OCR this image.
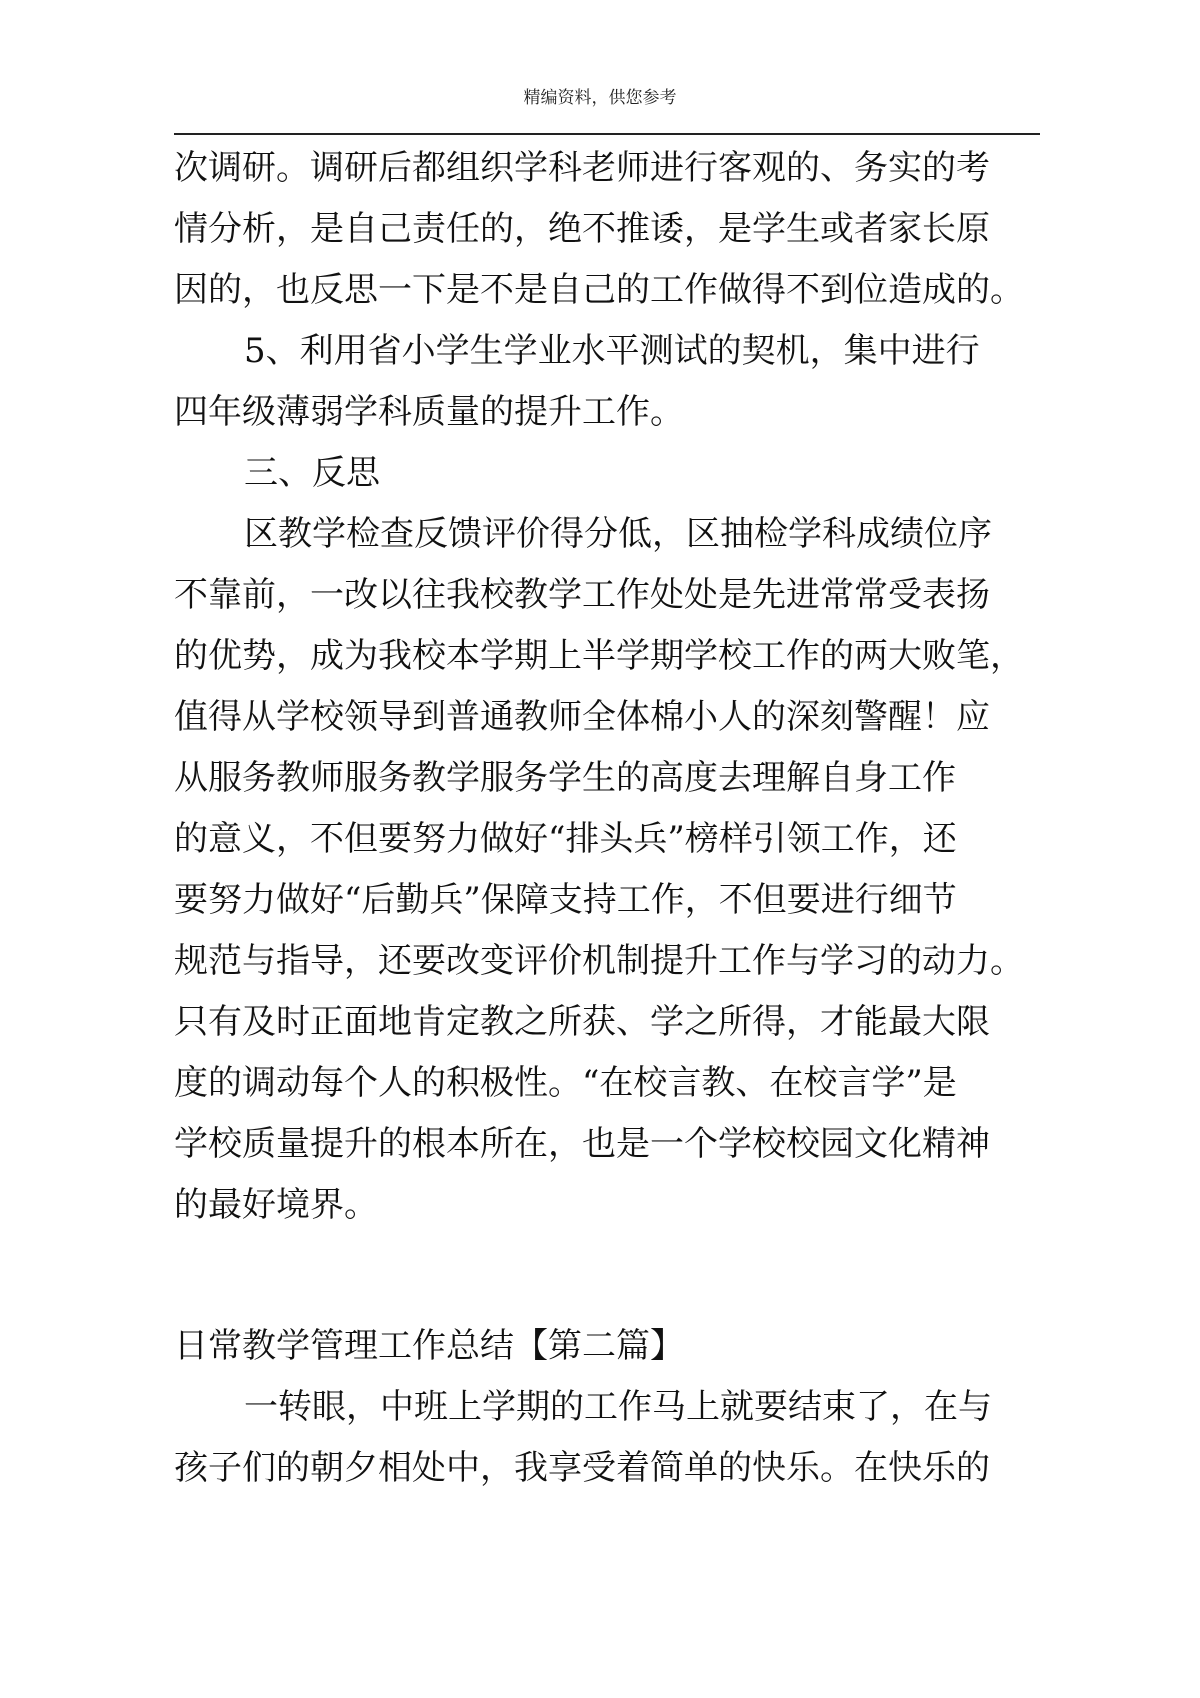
精编资料，供您参考
次调研。调研后都组织学科老师进行客观的、务实的考
情分析，是自己责任的，绝不推诿，是学生或者家长原
因的，也反思一下是不是自己的工作做得不到位造成的。
5、利用省小学生学业水平测试的契机，集中进行
四年级薄弱学科质量的提升工作。
三、反思
区教学检查反馈评价得分低，区抽检学科成绩位序
不靠前，一改以往我校教学工作处处是先进常常受表扬
的优势，成为我校本学期上半学期学校工作的两大败笔，
值得从学校领导到普通教师全体棉小人的深刻警醒！应
从服务教师服务教学服务学生的高度去理解自身工作
的意义，不但要努力做好“排头兵”榜样引领工作，还
要努力做好“后勤兵”保障支持工作，不但要进行细节
规范与指导，还要改变评价机制提升工作与学习的动力。
只有及时正面地肯定教之所获、学之所得，才能最大限
度的调动每个人的积极性。“在校言教、在校言学”是
学校质量提升的根本所在，也是一个学校校园文化精神
的最好境界。
日常教学管理工作总结【第二篇】
一转眼，中班上学期的工作马上就要结束了，在与
孩子们的朝夕相处中，我享受着简单的快乐。在快乐的
